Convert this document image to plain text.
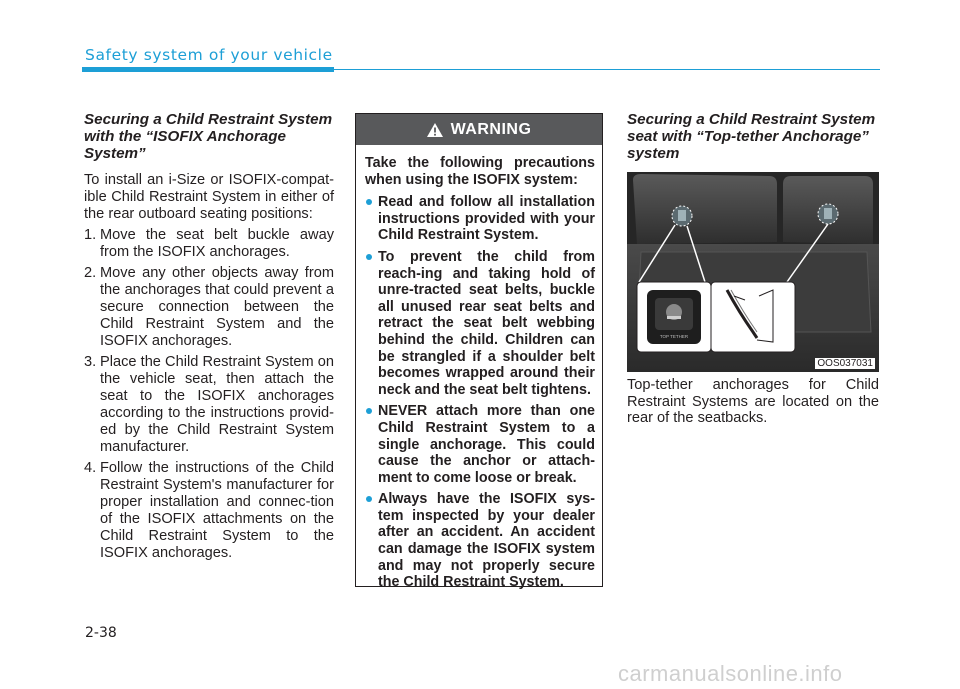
Safety system of your vehicle

Securing a Child Restraint System with the “ISOFIX Anchorage System”

To install an i-Size or ISOFIX-compat-ible Child Restraint System in either of the rear outboard seating positions:

1. Move the seat belt buckle away from the ISOFIX anchorages.
2. Move any other objects away from the anchorages that could prevent a secure connection between the Child Restraint System and the ISOFIX anchorages.
3. Place the Child Restraint System on the vehicle seat, then attach the seat to the ISOFIX anchorages according to the instructions provid-ed by the Child Restraint System manufacturer.
4. Follow the instructions of the Child Restraint System's manufacturer for proper installation and connec-tion of the ISOFIX attachments on the Child Restraint System to the ISOFIX anchorages.
WARNING

Take the following precautions when using the ISOFIX system:

Read and follow all installation instructions provided with your Child Restraint System.
To prevent the child from reach-ing and taking hold of unre-tracted seat belts, buckle all unused rear seat belts and retract the seat belt webbing behind the child. Children can be strangled if a shoulder belt becomes wrapped around their neck and the seat belt tightens.
NEVER attach more than one Child Restraint System to a single anchorage. This could cause the anchor or attach-ment to come loose or break.
Always have the ISOFIX sys-tem inspected by your dealer after an accident. An accident can damage the ISOFIX system and may not properly secure the Child Restraint System.

Securing a Child Restraint System seat with “Top-tether Anchorage” system

TOP TETHER
OOS037031
Top-tether anchorages for Child Restraint Systems are located on the rear of the seatbacks.
2-38
carmanualsonline.info
